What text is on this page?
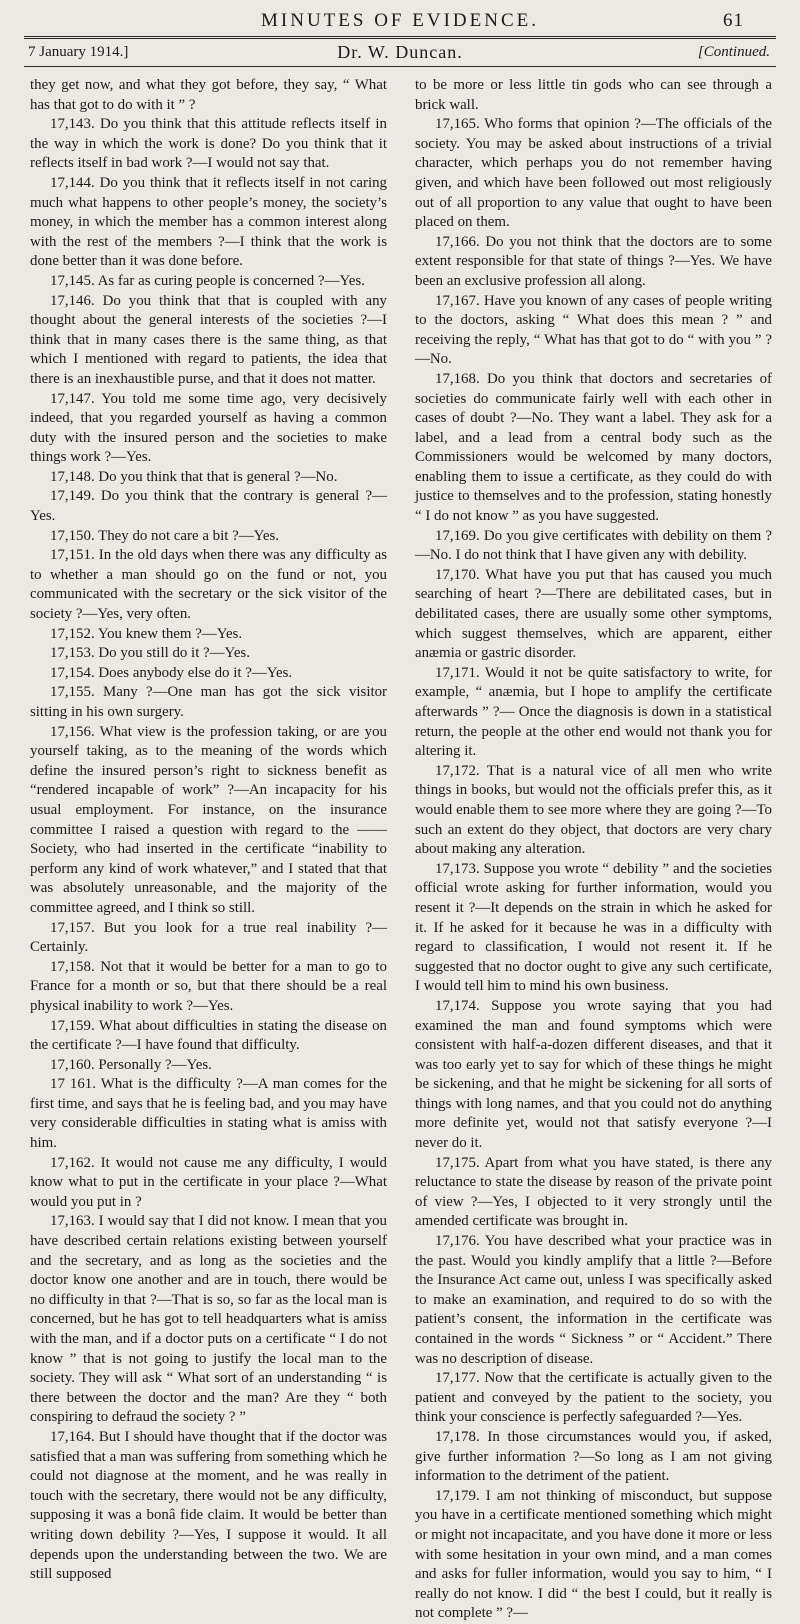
MINUTES OF EVIDENCE.	61
7 January 1914.]	Dr. W. Duncan.	[Continued.

they get now, and what they got before, they say, “ What has that got to do with it ” ?

17,143. Do you think that this attitude reflects itself in the way in which the work is done? Do you think that it reflects itself in bad work ?—I would not say that.

17,144. Do you think that it reflects itself in not caring much what happens to other people’s money, the society’s money, in which the member has a common interest along with the rest of the members ?—I think that the work is done better than it was done before.

17,145. As far as curing people is concerned ?—Yes.

17,146. Do you think that that is coupled with any thought about the general interests of the societies ?—I think that in many cases there is the same thing, as that which I mentioned with regard to patients, the idea that there is an inexhaustible purse, and that it does not matter.

17,147. You told me some time ago, very decisively indeed, that you regarded yourself as having a common duty with the insured person and the societies to make things work ?—Yes.

17,148. Do you think that that is general ?—No.

17,149. Do you think that the contrary is general ?—Yes.

17,150. They do not care a bit ?—Yes.

17,151. In the old days when there was any difficulty as to whether a man should go on the fund or not, you communicated with the secretary or the sick visitor of the society ?—Yes, very often.

17,152. You knew them ?—Yes.

17,153. Do you still do it ?—Yes.

17,154. Does anybody else do it ?—Yes.

17,155. Many ?—One man has got the sick visitor sitting in his own surgery.

17,156. What view is the profession taking, or are you yourself taking, as to the meaning of the words which define the insured person’s right to sickness benefit as “rendered incapable of work” ?—An incapacity for his usual employment. For instance, on the insurance committee I raised a question with regard to the —— Society, who had inserted in the certificate “inability to perform any kind of work whatever,” and I stated that that was absolutely unreasonable, and the majority of the committee agreed, and I think so still.

17,157. But you look for a true real inability ?—Certainly.

17,158. Not that it would be better for a man to go to France for a month or so, but that there should be a real physical inability to work ?—Yes.

17,159. What about difficulties in stating the disease on the certificate ?—I have found that difficulty.

17,160. Personally ?—Yes.

17 161. What is the difficulty ?—A man comes for the first time, and says that he is feeling bad, and you may have very considerable difficulties in stating what is amiss with him.

17,162. It would not cause me any difficulty, I would know what to put in the certificate in your place ?—What would you put in ?

17,163. I would say that I did not know. I mean that you have described certain relations existing between yourself and the secretary, and as long as the societies and the doctor know one another and are in touch, there would be no difficulty in that ?—That is so, so far as the local man is concerned, but he has got to tell headquarters what is amiss with the man, and if a doctor puts on a certificate “ I do not know ” that is not going to justify the local man to the society. They will ask “ What sort of an understanding “ is there between the doctor and the man? Are they “ both conspiring to defraud the society ? ”

17,164. But I should have thought that if the doctor was satisfied that a man was suffering from something which he could not diagnose at the moment, and he was really in touch with the secretary, there would not be any difficulty, supposing it was a bonâ fide claim. It would be better than writing down debility ?—Yes, I suppose it would. It all depends upon the understanding between the two. We are still supposed

to be more or less little tin gods who can see through a brick wall.

17,165. Who forms that opinion ?—The officials of the society. You may be asked about instructions of a trivial character, which perhaps you do not remember having given, and which have been followed out most religiously out of all proportion to any value that ought to have been placed on them.

17,166. Do you not think that the doctors are to some extent responsible for that state of things ?—Yes. We have been an exclusive profession all along.

17,167. Have you known of any cases of people writing to the doctors, asking “ What does this mean ? ” and receiving the reply, “ What has that got to do “ with you ” ?—No.

17,168. Do you think that doctors and secretaries of societies do communicate fairly well with each other in cases of doubt ?—No. They want a label. They ask for a label, and a lead from a central body such as the Commissioners would be welcomed by many doctors, enabling them to issue a certificate, as they could do with justice to themselves and to the profession, stating honestly “ I do not know ” as you have suggested.

17,169. Do you give certificates with debility on them ?—No. I do not think that I have given any with debility.

17,170. What have you put that has caused you much searching of heart ?—There are debilitated cases, but in debilitated cases, there are usually some other symptoms, which suggest themselves, which are apparent, either anæmia or gastric disorder.

17,171. Would it not be quite satisfactory to write, for example, “ anæmia, but I hope to amplify the certificate afterwards ” ?— Once the diagnosis is down in a statistical return, the people at the other end would not thank you for altering it.

17,172. That is a natural vice of all men who write things in books, but would not the officials prefer this, as it would enable them to see more where they are going ?—To such an extent do they object, that doctors are very chary about making any alteration.

17,173. Suppose you wrote “ debility ” and the societies official wrote asking for further information, would you resent it ?—It depends on the strain in which he asked for it. If he asked for it because he was in a difficulty with regard to classification, I would not resent it. If he suggested that no doctor ought to give any such certificate, I would tell him to mind his own business.

17,174. Suppose you wrote saying that you had examined the man and found symptoms which were consistent with half-a-dozen different diseases, and that it was too early yet to say for which of these things he might be sickening, and that he might be sickening for all sorts of things with long names, and that you could not do anything more definite yet, would not that satisfy everyone ?—I never do it.

17,175. Apart from what you have stated, is there any reluctance to state the disease by reason of the private point of view ?—Yes, I objected to it very strongly until the amended certificate was brought in.

17,176. You have described what your practice was in the past. Would you kindly amplify that a little ?—Before the Insurance Act came out, unless I was specifically asked to make an examination, and required to do so with the patient’s consent, the information in the certificate was contained in the words “ Sickness ” or “ Accident.” There was no description of disease.

17,177. Now that the certificate is actually given to the patient and conveyed by the patient to the society, you think your conscience is perfectly safeguarded ?—Yes.

17,178. In those circumstances would you, if asked, give further information ?—So long as I am not giving information to the detriment of the patient.

17,179. I am not thinking of misconduct, but suppose you have in a certificate mentioned something which might or might not incapacitate, and you have done it more or less with some hesitation in your own mind, and a man comes and asks for fuller information, would you say to him, “ I really do not know. I did “ the best I could, but it really is not complete ” ?—
